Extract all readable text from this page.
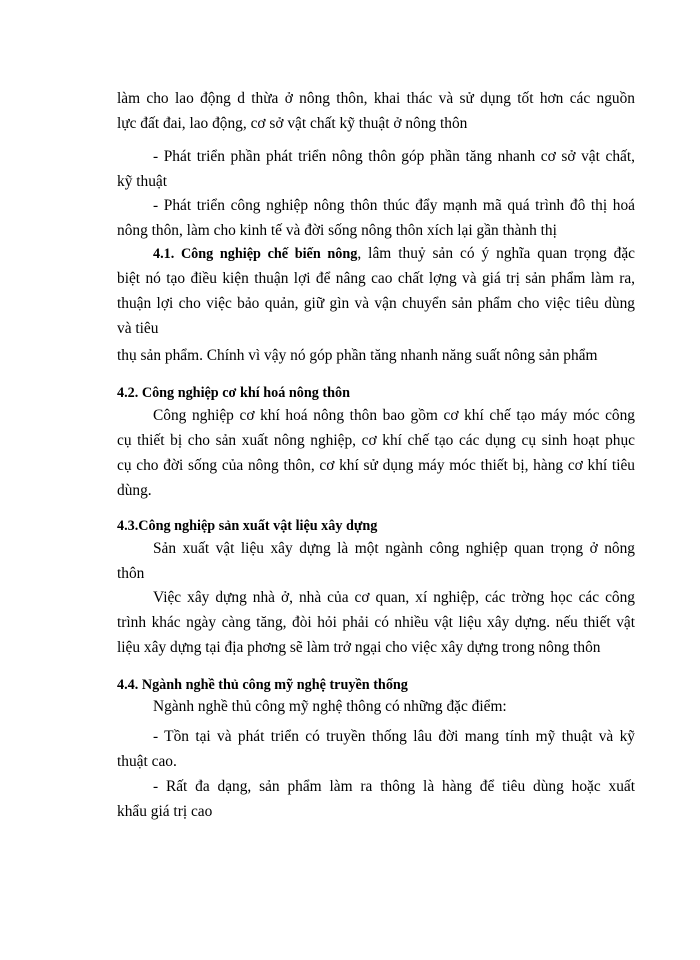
làm cho lao động d thừa ở nông thôn, khai thác và sử dụng tốt hơn các nguồn

lực đất đai, lao động, cơ sở vật chất kỹ thuật ở nông thôn

- Phát triển phần phát triển nông thôn góp phần tăng nhanh cơ sở vật chất,

kỹ thuật

- Phát triển công nghiệp nông thôn thúc đẩy mạnh mã quá trình đô thị hoá

nông thôn, làm cho kinh tế và đời sống nông thôn xích lại gần thành thị

4.1. Công nghiệp chế biến nông, lâm thuỷ sản có ý nghĩa quan trọng đặc

biệt nó tạo điều kiện thuận lợi để nâng cao chất lợng và giá trị sản phẩm làm ra,

thuận lợi cho việc bảo quản, giữ gìn và vận chuyển sản phẩm cho việc tiêu dùng

và tiêu

thụ sản phẩm. Chính vì vậy nó góp phần tăng nhanh năng suất nông sản phẩm

4.2. Công nghiệp cơ khí hoá nông thôn

Công nghiệp cơ khí hoá nông thôn bao gồm cơ khí chế tạo máy móc công

cụ thiết bị cho sản xuất nông nghiệp, cơ khí chế tạo các dụng cụ sinh hoạt phục

cụ cho đời sống của nông thôn, cơ khí sử dụng máy móc thiết bị, hàng cơ khí tiêu

dùng.

4.3.Công nghiệp sản xuất vật liệu xây dựng

Sản xuất vật liệu xây dựng là một ngành công nghiệp quan trọng ở nông

thôn

Việc xây dựng nhà ở, nhà của cơ quan, xí nghiệp, các trờng học các công

trình khác ngày càng tăng, đòi hỏi phải có nhiều vật liệu xây dựng. nếu thiết vật

liệu xây dựng tại địa phơng sẽ làm trở ngại cho việc xây dựng trong nông thôn

4.4. Ngành nghề thủ công mỹ nghệ truyền thống

Ngành nghề thủ công mỹ nghệ thông có những đặc điểm:

- Tồn tại và phát triển có truyền thống lâu đời mang tính mỹ thuật và kỹ

thuật cao.

- Rất đa dạng, sản phẩm làm ra thông là hàng để tiêu dùng hoặc xuất

khẩu giá trị cao
